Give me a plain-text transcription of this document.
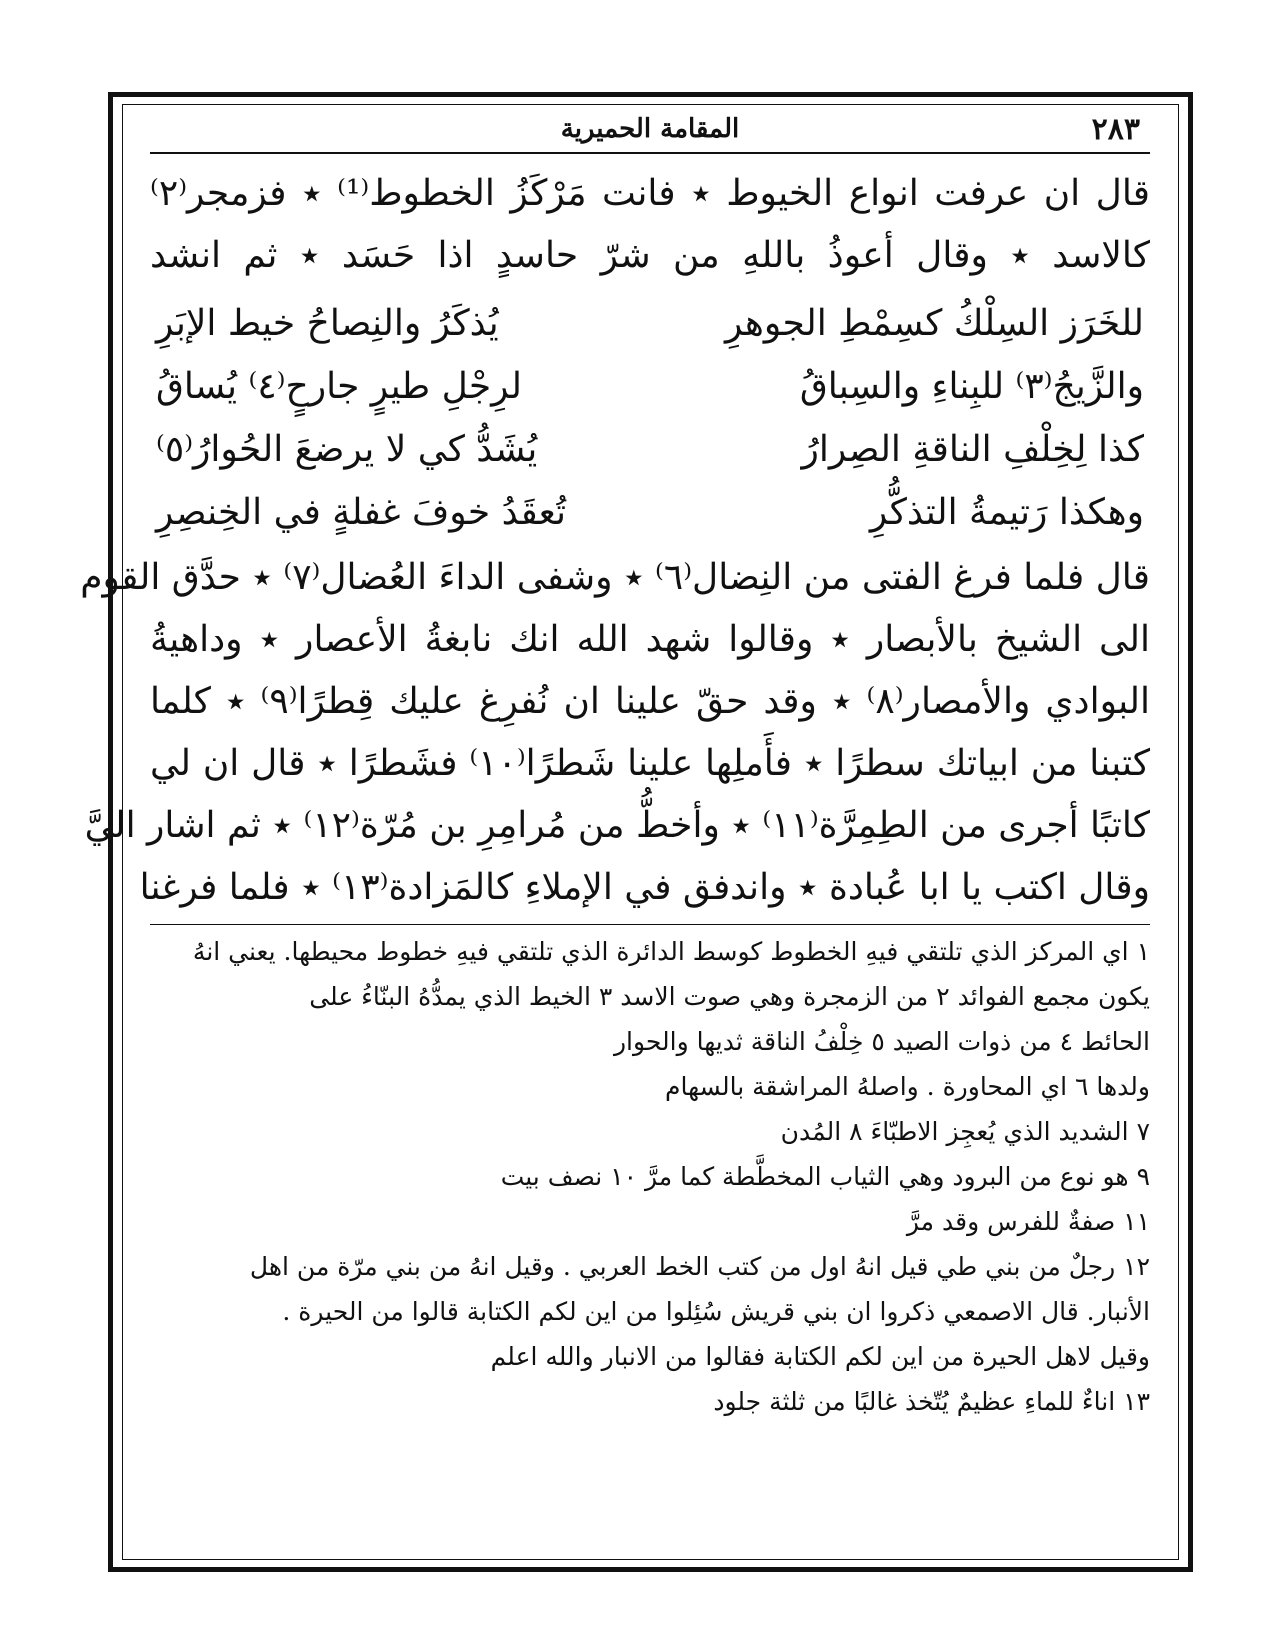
٢٨٣
المقامة الحميرية
قال ان عرفت انواع الخيوط ٭ فانت مَرْكَزُ الخطوط⁽¹⁾ ٭ فزمجر⁽٢⁾
كالاسد ٭ وقال أعوذُ باللهِ من شرّ حاسدٍ اذا حَسَد ٭ ثم انشد
للخَرَز السِلْكُ كسِمْطِ الجوهرِ
يُذكَرُ والنِصاحُ خيط الإبَرِ
والزَّيجُ⁽٣⁾ للبِناءِ والسِباقُ
لرِجْلِ طيرٍ جارحٍ⁽٤⁾ يُساقُ
كذا لِخِلْفِ الناقةِ الصِرارُ
يُشَدُّ كي لا يرضعَ الحُوارُ⁽٥⁾
وهكذا رَتيمةُ التذكُّرِ
تُعقَدُ خوفَ غفلةٍ في الخِنصِرِ
قال فلما فرغ الفتى من النِضال⁽٦⁾ ٭ وشفى الداءَ العُضال⁽٧⁾ ٭ حدَّق القوم
الى الشيخ بالأبصار ٭ وقالوا شهد الله انك نابغةُ الأعصار ٭ وداهيةُ
البوادي والأمصار⁽٨⁾ ٭ وقد حقّ علينا ان نُفرِغ عليك قِطرًا⁽٩⁾ ٭ كلما
كتبنا من ابياتك سطرًا ٭ فأَملِها علينا شَطرًا⁽١٠⁾ فشَطرًا ٭ قال ان لي
كاتبًا أجرى من الطِمِرَّة⁽١١⁾ ٭ وأخطُّ من مُرامِرِ بن مُرّة⁽١٢⁾ ٭ ثم اشار اليَّ
وقال اكتب يا ابا عُبادة ٭ واندفق في الإملاءِ كالمَزادة⁽١٣⁾ ٭ فلما فرغنا
١ اي المركز الذي تلتقي فيهِ الخطوط كوسط الدائرة الذي تلتقي فيهِ خطوط محيطها. يعني انهُ
يكون مجمع الفوائد ٢ من الزمجرة وهي صوت الاسد ٣ الخيط الذي يمدُّهُ البنّاءُ على
الحائط ٤ من ذوات الصيد ٥ خِلْفُ الناقة ثديها والحوار
ولدها ٦ اي المحاورة . واصلهُ المراشقة بالسهام
٧ الشديد الذي يُعجِز الاطبّاءَ ٨ المُدن
٩ هو نوع من البرود وهي الثياب المخطَّطة كما مرَّ ١٠ نصف بيت
١١ صفةٌ للفرس وقد مرَّ
١٢ رجلٌ من بني طي قيل انهُ اول من كتب الخط العربي . وقيل انهُ من بني مرّة من اهل
الأنبار. قال الاصمعي ذكروا ان بني قريش سُئِلوا من اين لكم الكتابة قالوا من الحيرة .
وقيل لاهل الحيرة من اين لكم الكتابة فقالوا من الانبار والله اعلم
١٣ اناءٌ للماءِ عظيمٌ يُتّخذ غالبًا من ثلثة جلود
